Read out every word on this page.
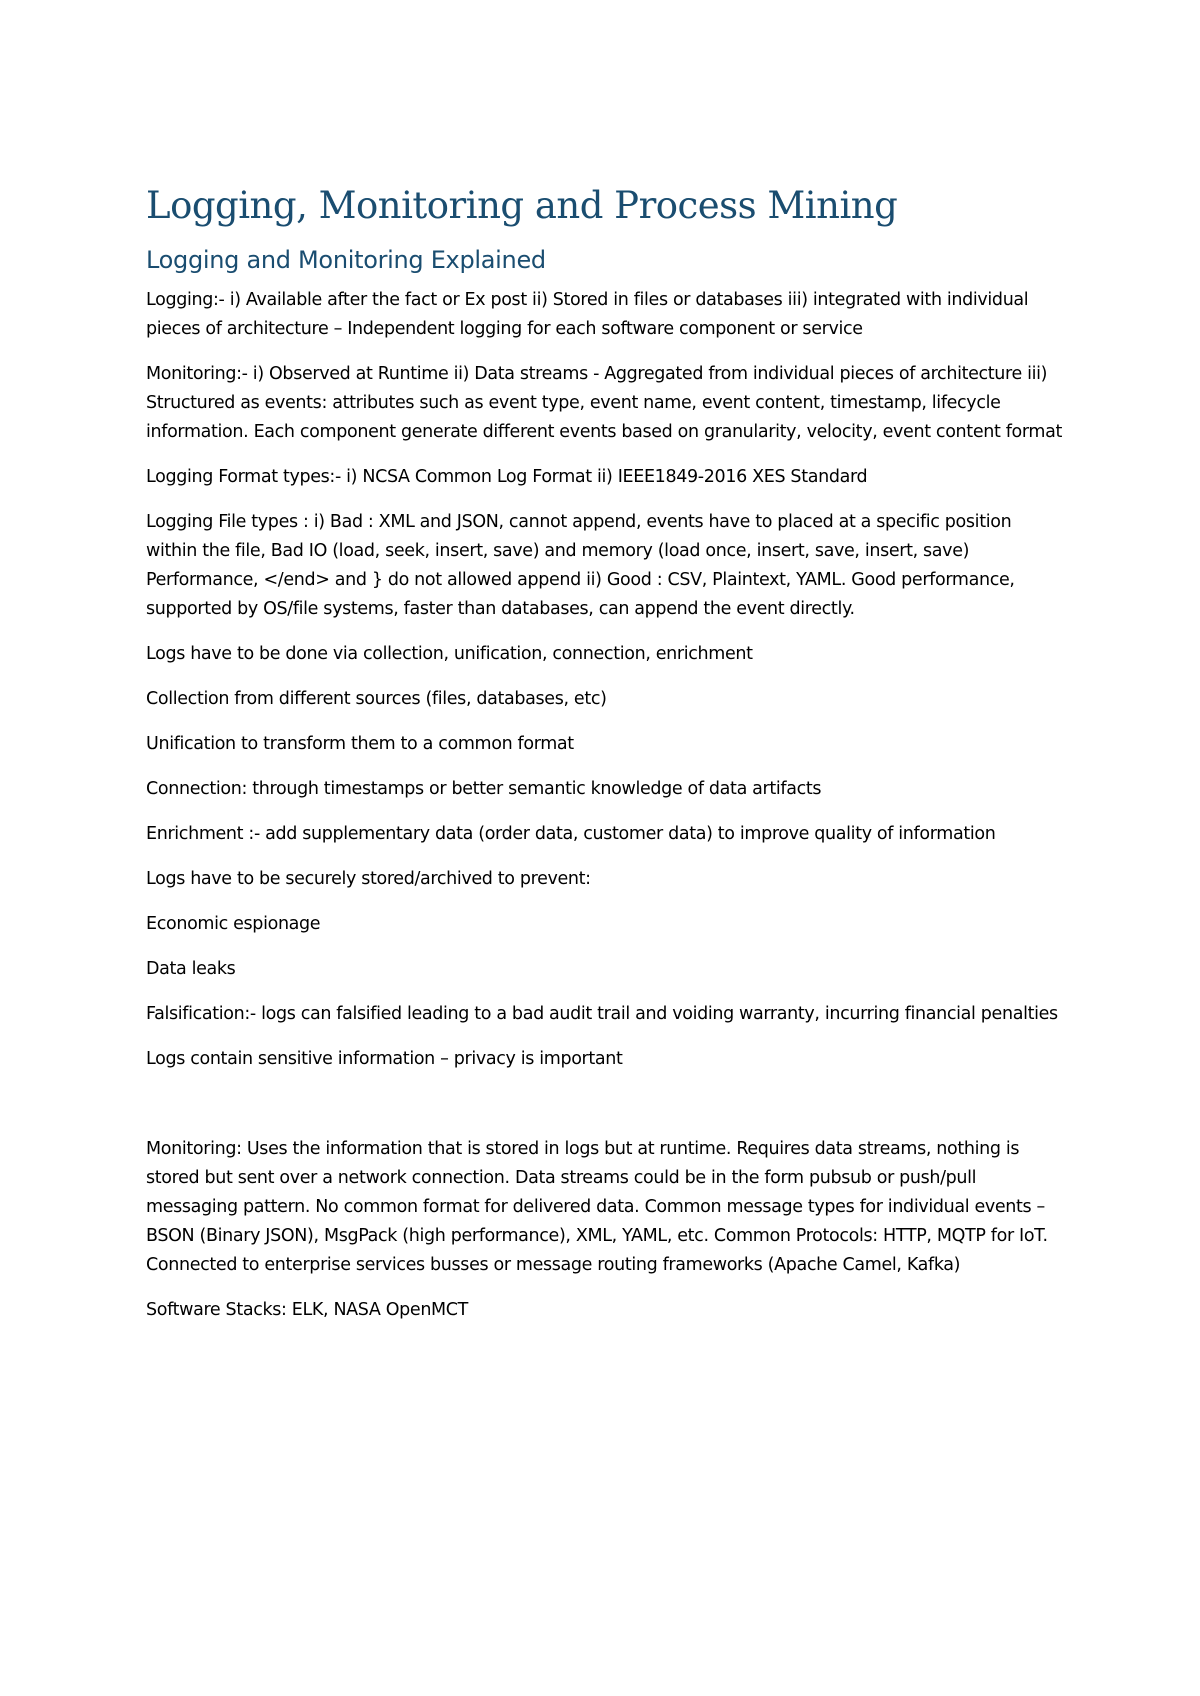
Logging, Monitoring and Process Mining
Logging and Monitoring Explained

Logging:- i) Available after the fact or Ex post ii) Stored in files or databases iii) integrated with individual pieces of architecture – Independent logging for each software component or service

Monitoring:- i) Observed at Runtime ii) Data streams - Aggregated from individual pieces of architecture iii) Structured as events: attributes such as event type, event name, event content, timestamp, lifecycle information. Each component generate different events based on granularity, velocity, event content format

Logging Format types:- i) NCSA Common Log Format ii) IEEE1849-2016 XES Standard

Logging File types : i) Bad : XML and JSON, cannot append, events have to placed at a specific position within the file, Bad IO (load, seek, insert, save) and memory (load once, insert, save, insert, save) Performance, </end> and } do not allowed append ii) Good : CSV, Plaintext, YAML. Good performance, supported by OS/file systems, faster than databases, can append the event directly.

Logs have to be done via collection, unification, connection, enrichment

Collection from different sources (files, databases, etc)

Unification to transform them to a common format

Connection: through timestamps or better semantic knowledge of data artifacts

Enrichment :- add supplementary data (order data, customer data) to improve quality of information

Logs have to be securely stored/archived to prevent:

Economic espionage

Data leaks

Falsification:- logs can falsified leading to a bad audit trail and voiding warranty, incurring financial penalties

Logs contain sensitive information – privacy is important

Monitoring: Uses the information that is stored in logs but at runtime. Requires data streams, nothing is stored but sent over a network connection. Data streams could be in the form pubsub or push/pull messaging pattern. No common format for delivered data. Common message types for individual events – BSON (Binary JSON), MsgPack (high performance), XML, YAML, etc. Common Protocols: HTTP, MQTP for IoT. Connected to enterprise services busses or message routing frameworks (Apache Camel, Kafka)

Software Stacks: ELK, NASA OpenMCT
